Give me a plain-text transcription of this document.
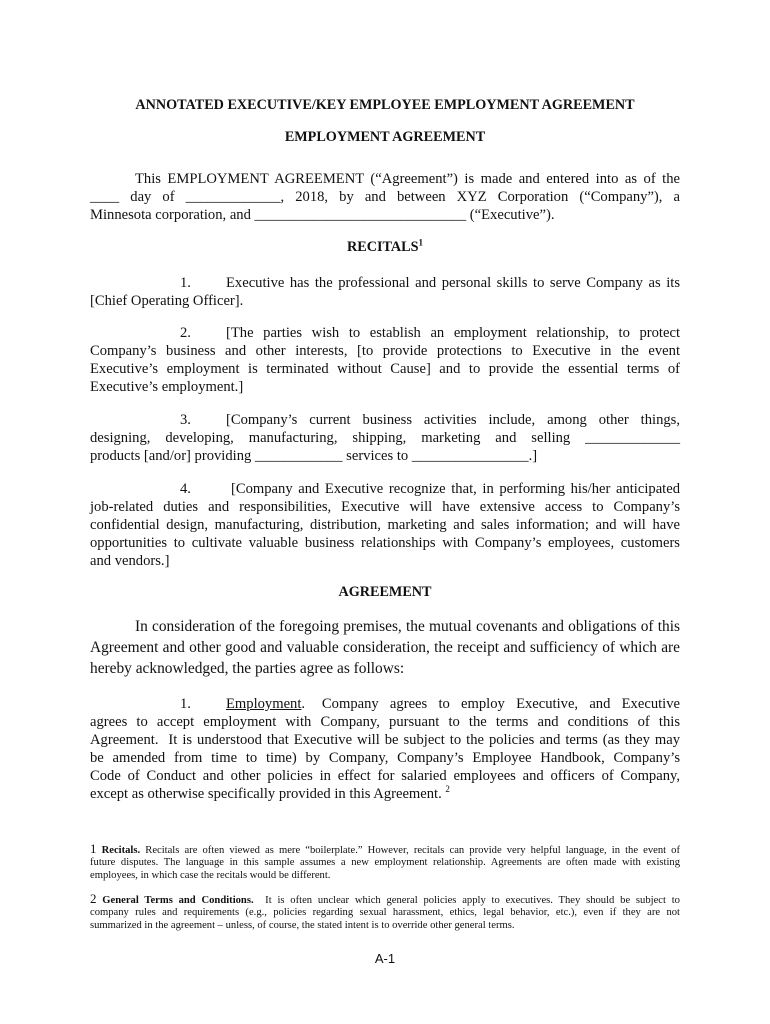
ANNOTATED EXECUTIVE/KEY EMPLOYEE EMPLOYMENT AGREEMENT
EMPLOYMENT AGREEMENT
This EMPLOYMENT AGREEMENT (“Agreement”) is made and entered into as of the
____  day  of  _____________,  2018,  by  and  between  XYZ  Corporation  (“Company”),  a
Minnesota corporation, and _____________________________ (“Executive”).
RECITALS$^1$
1. Executive has the professional and personal skills to serve Company as its
[Chief Operating Officer].
2. [The  parties  wish  to  establish  an  employment  relationship,  to  protect
Company’s  business  and  other  interests,  [to  provide  protections  to  Executive  in  the  event
Executive’s  employment  is  terminated  without  Cause]  and  to  provide  the  essential  terms  of
Executive’s employment.]
3. [Company’s  current  business  activities  include,  among  other  things,
designing,  developing,  manufacturing,  shipping,  marketing  and  selling  _____________
products [and/or] providing ____________ services to ________________.]
4.	[Company and Executive recognize that, in performing his/her anticipated
job-related duties and responsibilities, Executive will have extensive access to Company’s
confidential design, manufacturing, distribution, marketing and sales information; and will have
opportunities to cultivate valuable business relationships with Company’s employees, customers
and vendors.]
AGREEMENT
In consideration of the foregoing premises, the mutual covenants and obligations of this
Agreement and other good and valuable consideration, the receipt and sufficiency of which are
hereby acknowledged, the parties agree as follows:
1. Employment.   Company  agrees  to  employ  Executive,  and  Executive
agrees  to  accept  employment  with  Company,  pursuant  to  the  terms  and  conditions  of  this
Agreement.  It is understood that Executive will be subject to the policies and terms (as they may
be  amended  from  time  to  time)  by  Company,  Company’s  Employee  Handbook,  Company’s
Code of Conduct and other policies in effect for salaried employees and officers of Company,
except as otherwise specifically provided in this Agreement. $^2$
1 Recitals. Recitals are often viewed as mere “boilerplate.” However, recitals can provide very helpful language, in the event of
future disputes. The language in this sample assumes a new employment relationship. Agreements are often made with existing
employees, in which case the recitals would be different.
2 General Terms and Conditions.  It is often unclear which general policies apply to executives. They should be subject to
company rules and requirements (e.g., policies regarding sexual harassment, ethics, legal behavior, etc.), even if they are not
summarized in the agreement – unless, of course, the stated intent is to override other general terms.
A-1
